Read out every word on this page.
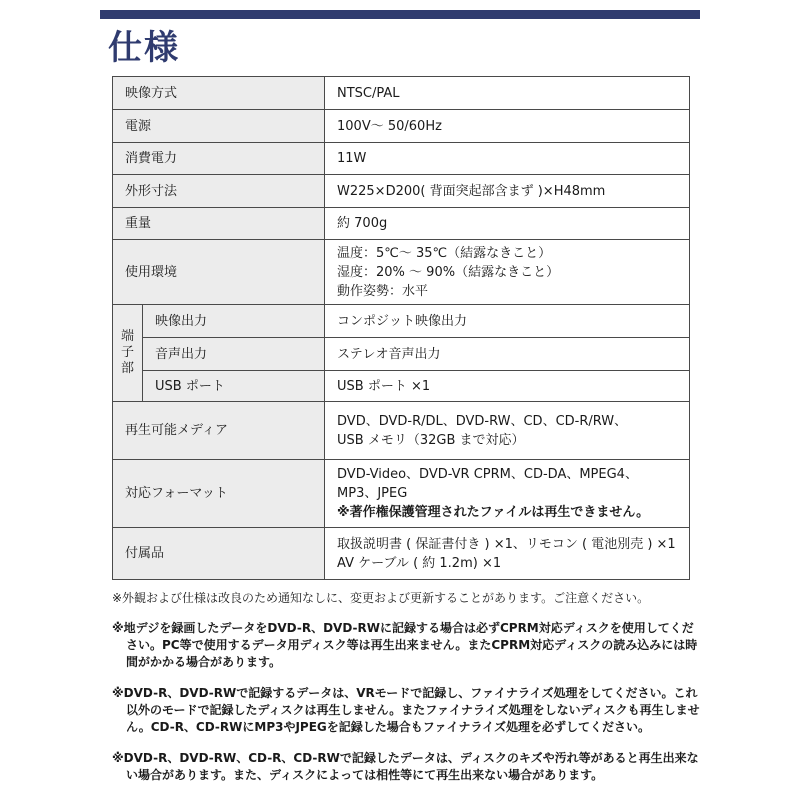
仕様
映像方式		NTSC/PAL

電源		100V～ 50/60Hz

消費電力		11W

外形寸法		W225×D200( 背面突起部含まず )×H48mm

重量		約 700g

使用環境		温度：5℃～ 35℃（結露なきこと）
湿度：20% ～ 90%（結露なきこと）
動作姿勢：水平

端子部	映像出力	コンポジット映像出力
	音声出力	ステレオ音声出力
	USB ポート	USB ポート ×1
再生可能メディア		DVD、DVD-R/DL、DVD-RW、CD、CD-R/RW、
USB メモリ（32GB まで対応）

対応フォーマット		DVD-Video、DVD-VR CPRM、CD-DA、MPEG4、
MP3、JPEG
※著作権保護管理されたファイルは再生できません。

付属品		取扱説明書 ( 保証書付き ) ×1、リモコン ( 電池別売 ) ×1
AV ケーブル ( 約 1.2m) ×1

※外観および仕様は改良のため通知なしに、変更および更新することがあります。ご注意ください。

※地デジを録画したデータをDVD-R、DVD-RWに記録する場合は必ずCPRM対応ディスクを使用してください。PC等で使用するデータ用ディスク等は再生出来ません。またCPRM対応ディスクの読み込みには時間がかかる場合があります。

※DVD-R、DVD-RWで記録するデータは、VRモードで記録し、ファイナライズ処理をしてください。これ以外のモードで記録したディスクは再生しません。またファイナライズ処理をしないディスクも再生しません。CD-R、CD-RWにMP3やJPEGを記録した場合もファイナライズ処理を必ずしてください。

※DVD-R、DVD-RW、CD-R、CD-RWで記録したデータは、ディスクのキズや汚れ等があると再生出来ない場合があります。また、ディスクによっては相性等にて再生出来ない場合があります。
